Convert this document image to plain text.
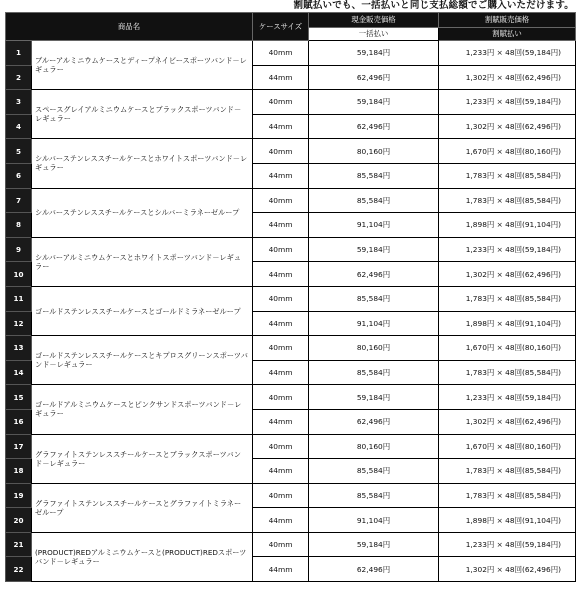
割賦払いでも、一括払いと同じ支払総額でご購入いただけます。
商品名		ケースサイズ	現金販売価格	割賦販売価格
			一括払い	割賦払い
1	ブルーアルミニウムケースとディープネイビースポーツバンド－レギュラー	40mm	59,184円	1,233円 × 48回(59,184円)
2		44mm	62,496円	1,302円 × 48回(62,496円)
3	スペースグレイアルミニウムケースとブラックスポーツバンド－レギュラー	40mm	59,184円	1,233円 × 48回(59,184円)
4		44mm	62,496円	1,302円 × 48回(62,496円)
5	シルバーステンレススチールケースとホワイトスポーツバンド－レギュラー	40mm	80,160円	1,670円 × 48回(80,160円)
6		44mm	85,584円	1,783円 × 48回(85,584円)
7	シルバーステンレススチールケースとシルバーミラネーゼループ	40mm	85,584円	1,783円 × 48回(85,584円)
8		44mm	91,104円	1,898円 × 48回(91,104円)
9	シルバーアルミニウムケースとホワイトスポーツバンド－レギュラー	40mm	59,184円	1,233円 × 48回(59,184円)
10		44mm	62,496円	1,302円 × 48回(62,496円)
11	ゴールドステンレススチールケースとゴールドミラネーゼループ	40mm	85,584円	1,783円 × 48回(85,584円)
12		44mm	91,104円	1,898円 × 48回(91,104円)
13	ゴールドステンレススチールケースとキプロスグリーンスポーツバンド－レギュラー	40mm	80,160円	1,670円 × 48回(80,160円)
14		44mm	85,584円	1,783円 × 48回(85,584円)
15	ゴールドアルミニウムケースとピンクサンドスポーツバンド－レギュラー	40mm	59,184円	1,233円 × 48回(59,184円)
16		44mm	62,496円	1,302円 × 48回(62,496円)
17	グラファイトステンレススチールケースとブラックスポーツバンド－レギュラー	40mm	80,160円	1,670円 × 48回(80,160円)
18		44mm	85,584円	1,783円 × 48回(85,584円)
19	グラファイトステンレススチールケースとグラファイトミラネーゼループ	40mm	85,584円	1,783円 × 48回(85,584円)
20		44mm	91,104円	1,898円 × 48回(91,104円)
21	(PRODUCT)REDアルミニウムケースと(PRODUCT)REDスポーツバンド－レギュラー	40mm	59,184円	1,233円 × 48回(59,184円)
22		44mm	62,496円	1,302円 × 48回(62,496円)
